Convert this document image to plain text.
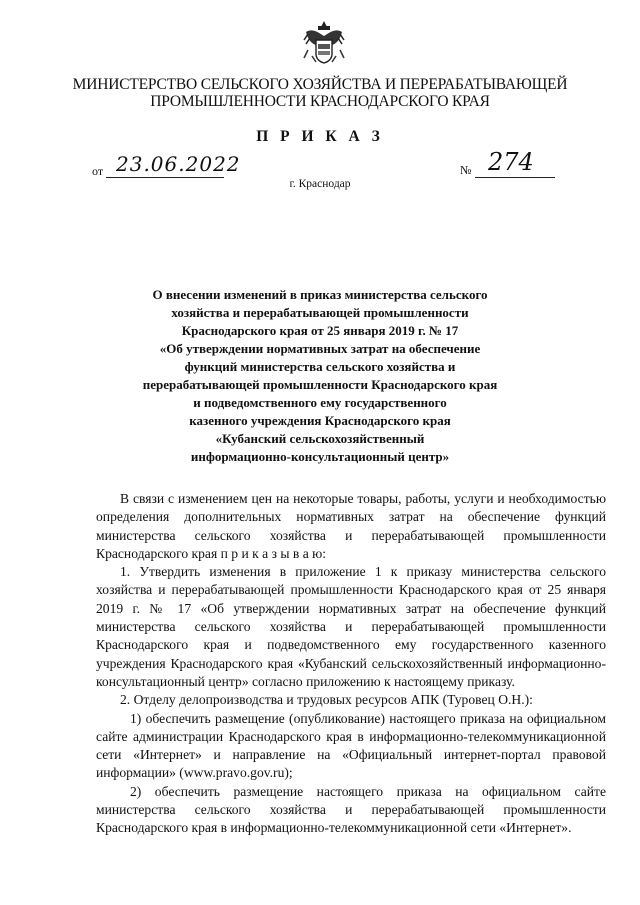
МИНИСТЕРСТВО СЕЛЬСКОГО ХОЗЯЙСТВА И ПЕРЕРАБАТЫВАЮЩЕЙ
ПРОМЫШЛЕННОСТИ КРАСНОДАРСКОГО КРАЯ
П Р И К А З
от 23.06.2022	№ 274
г. Краснодар
О внесении изменений в приказ министерства сельского
хозяйства и перерабатывающей промышленности
Краснодарского края от 25 января 2019 г. № 17
«Об утверждении нормативных затрат на обеспечение
функций министерства сельского хозяйства и
перерабатывающей промышленности Краснодарского края
и подведомственного ему государственного
казенного учреждения Краснодарского края
«Кубанский сельскохозяйственный
информационно-консультационный центр»

В связи с изменением цен на некоторые товары, работы, услуги и необходимостью определения дополнительных нормативных затрат на обеспечение функций министерства сельского хозяйства и перерабатывающей промышленности Краснодарского края п р и к а з ы в а ю:

1. Утвердить изменения в приложение 1 к приказу министерства сельского хозяйства и перерабатывающей промышленности Краснодарского края от 25 января 2019 г. № 17 «Об утверждении нормативных затрат на обеспечение функций министерства сельского хозяйства и перерабатывающей промышленности Краснодарского края и подведомственного ему государственного казенного учреждения Краснодарского края «Кубанский сельскохозяйственный информационно-консультационный центр» согласно приложению к настоящему приказу.

2. Отделу делопроизводства и трудовых ресурсов АПК (Туровец О.Н.):

1) обеспечить размещение (опубликование) настоящего приказа на официальном сайте администрации Краснодарского края в информационно-телекоммуникационной сети «Интернет» и направление на «Официальный интернет-портал правовой информации» (www.pravo.gov.ru);

2) обеспечить размещение настоящего приказа на официальном сайте министерства сельского хозяйства и перерабатывающей промышленности Краснодарского края в информационно-телекоммуникационной сети «Интернет».
